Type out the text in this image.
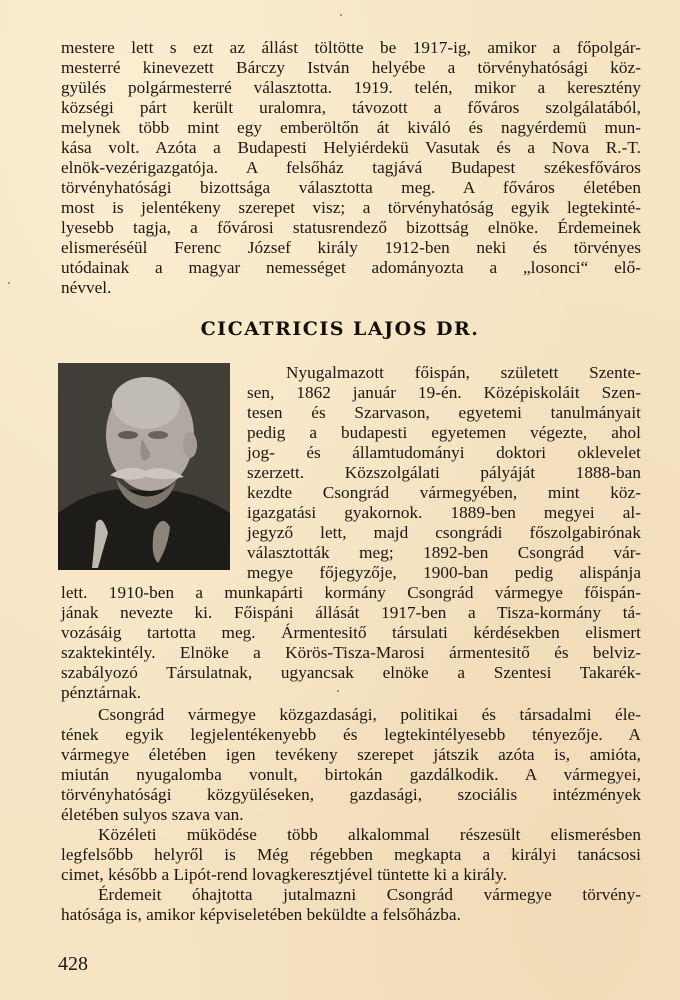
mestere lett s ezt az állást töltötte be 1917-ig, amikor a főpolgár-
mesterré kinevezett Bárczy István helyébe a törvényhatósági köz-
gyülés polgármesterré választotta. 1919. telén, mikor a keresztény
községi párt került uralomra, távozott a főváros szolgálatából,
melynek több mint egy emberöltőn át kiváló és nagyérdemü mun-
kása volt. Azóta a Budapesti Helyiérdekü Vasutak és a Nova R.-T.
elnök-vezérigazgatója. A felsőház tagjává Budapest székesfőváros
törvényhatósági bizottsága választotta meg. A főváros életében
most is jelentékeny szerepet visz; a törvényhatóság egyik legtekinté-
lyesebb tagja, a fővárosi statusrendező bizottság elnöke. Érdemeinek
elismeréséül Ferenc József király 1912-ben neki és törvényes
utódainak a magyar nemességet adományozta a „losonci“ elő-
névvel.
CICATRICIS LAJOS DR.
Nyugalmazott főispán, született Szente-
sen, 1862 január 19-én. Középiskoláit Szen-
tesen és Szarvason, egyetemi tanulmányait
pedig a budapesti egyetemen végezte, ahol
jog- és államtudományi doktori oklevelet
szerzett. Közszolgálati pályáját 1888-ban
kezdte Csongrád vármegyében, mint köz-
igazgatási gyakornok. 1889-ben megyei al-
jegyző lett, majd csongrádi főszolgabirónak
választották meg; 1892-ben Csongrád vár-
megye főjegyzője, 1900-ban pedig alispánja
lett. 1910-ben a munkapárti kormány Csongrád vármegye főispán-
jának nevezte ki. Főispáni állását 1917-ben a Tisza-kormány tá-
vozásáig tartotta meg. Ármentesitő társulati kérdésekben elismert
szaktekintély. Elnöke a Körös-Tisza-Marosi ármentesitő és belviz-
szabályozó Társulatnak, ugyancsak elnöke a Szentesi Takarék-
pénztárnak.
Csongrád vármegye közgazdasági, politikai és társadalmi éle-
tének egyik legjelentékenyebb és legtekintélyesebb tényezője. A
vármegye életében igen tevékeny szerepet játszik azóta is, amióta,
miután nyugalomba vonult, birtokán gazdálkodik. A vármegyei,
törvényhatósági közgyüléseken, gazdasági, szociális intézmények
életében sulyos szava van.
Közéleti müködése több alkalommal részesült elismerésben
legfelsőbb helyről is Még régebben megkapta a királyi tanácsosi
cimet, később a Lipót-rend lovagkeresztjével tüntette ki a király.
Érdemeit óhajtotta jutalmazni Csongrád vármegye törvény-
hatósága is, amikor képviseletében beküldte a felsőházba.
428
